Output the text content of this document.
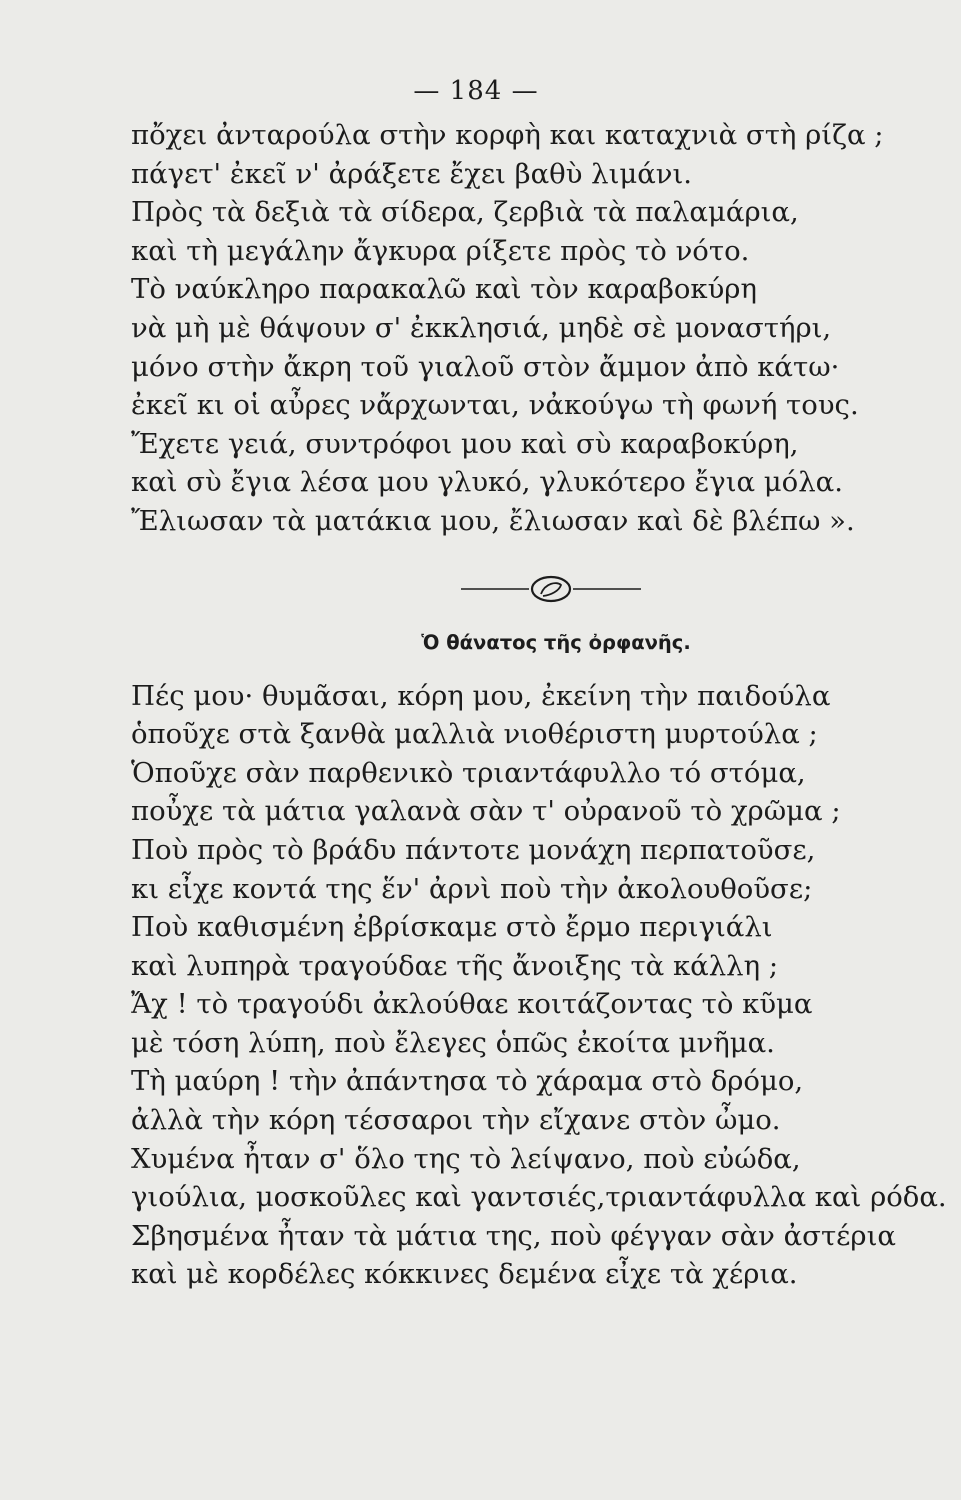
— 184 —
πὄχει ἀνταρούλα στὴν κορφὴ και καταχνιὰ στὴ ρίζα ;
πάγετ' ἐκεῖ ν' ἀράξετε ἔχει βαθὺ λιμάνι.
Πρὸς τὰ δεξιὰ τὰ σίδερα, ζερβιὰ τὰ παλαμάρια,
καὶ τὴ μεγάλην ἄγκυρα ρίξετε πρὸς τὸ νότο.
Τὸ ναύκληρο παρακαλῶ καὶ τὸν καραβοκύρη
νὰ μὴ μὲ θάψουν σ' ἐκκλησιά, μηδὲ σὲ μοναστήρι,
μόνο στὴν ἄκρη τοῦ γιαλοῦ στὸν ἄμμον ἀπὸ κάτω·
ἐκεῖ κι οἱ αὖρες νἄρχωνται, νἀκούγω τὴ φωνή τους.
Ἔχετε γειά, συντρόφοι μου καὶ σὺ καραβοκύρη,
καὶ σὺ ἔγια λέσα μου γλυκό, γλυκότερο ἔγια μόλα.
Ἔλιωσαν τὰ ματάκια μου, ἔλιωσαν καὶ δὲ βλέπω ».
Ὁ θάνατος τῆς ὀρφανῆς.
Πές μου· θυμᾶσαι, κόρη μου, ἐκείνη τὴν παιδούλα
ὁποῦχε στὰ ξανθὰ μαλλιὰ νιοθέριστη μυρτούλα ;
Ὁποῦχε σὰν παρθενικὸ τριαντάφυλλο τό στόμα,
ποὖχε τὰ μάτια γαλανὰ σὰν τ' οὐρανοῦ τὸ χρῶμα ;
Ποὺ πρὸς τὸ βράδυ πάντοτε μονάχη περπατοῦσε,
κι εἶχε κοντά της ἕν' ἀρνὶ ποὺ τὴν ἀκολουθοῦσε;
Ποὺ καθισμένη ἐβρίσκαμε στὸ ἔρμο περιγιάλι
καὶ λυπηρὰ τραγούδαε τῆς ἄνοιξης τὰ κάλλη ;
Ἄχ ! τὸ τραγούδι ἀκλούθαε κοιτάζοντας τὸ κῦμα
μὲ τόση λύπη, ποὺ ἔλεγες ὁπῶς ἐκοίτα μνῆμα.
Τὴ μαύρη ! τὴν ἀπάντησα τὸ χάραμα στὸ δρόμο,
ἀλλὰ τὴν κόρη τέσσαροι τὴν εἴχανε στὸν ὦμο.
Χυμένα ἦταν σ' ὅλο της τὸ λείψανο, ποὺ εὐώδα,
γιούλια, μοσκοῦλες καὶ γαντσιές,τριαντάφυλλα καὶ ρόδα.
Σβησμένα ἦταν τὰ μάτια της, ποὺ φέγγαν σὰν ἀστέρια
καὶ μὲ κορδέλες κόκκινες δεμένα εἶχε τὰ χέρια.
